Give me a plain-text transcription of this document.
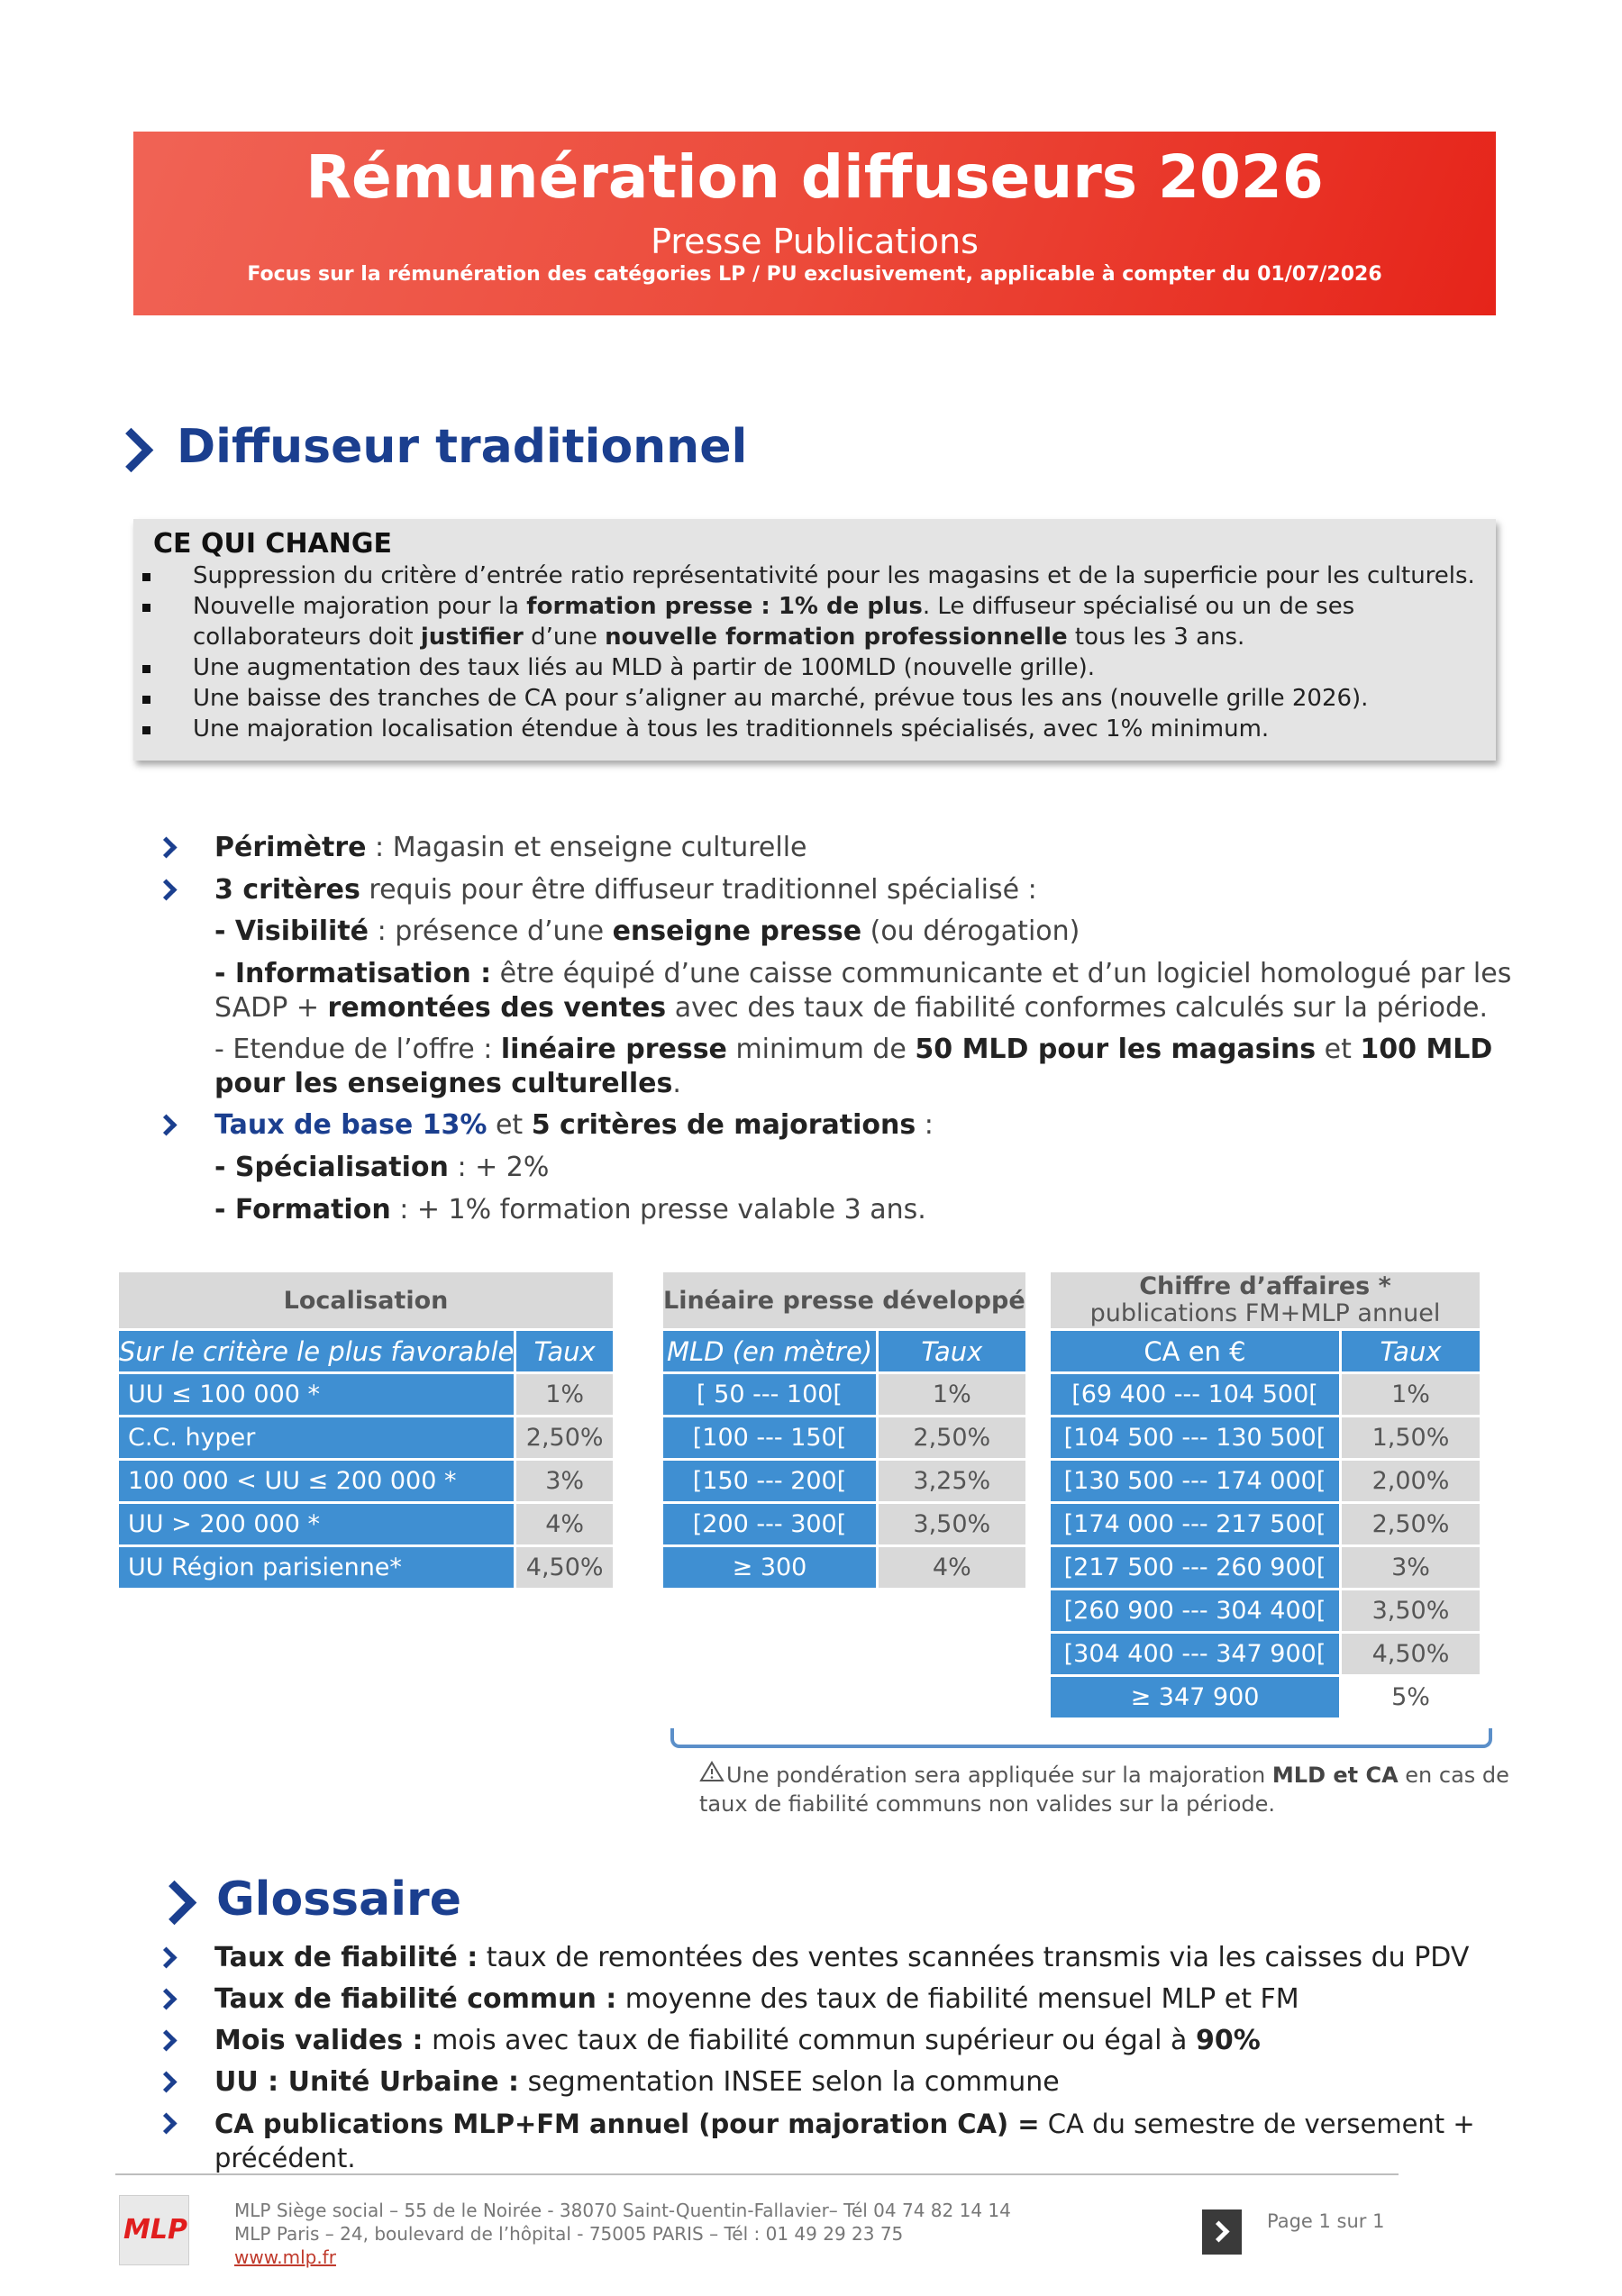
Rémunération diffuseurs 2026
Presse Publications
Focus sur la rémunération des catégories LP / PU exclusivement, applicable à compter du 01/07/2026
Diffuseur traditionnel
CE QUI CHANGE
Suppression du critère d’entrée ratio représentativité pour les magasins et de la superficie pour les culturels.
Nouvelle majoration pour la formation presse : 1% de plus. Le diffuseur spécialisé ou un de ses collaborateurs doit justifier d’une nouvelle formation professionnelle tous les 3 ans.
Une augmentation des taux liés au MLD à partir de 100MLD (nouvelle grille).
Une baisse des tranches de CA pour s’aligner au marché, prévue tous les ans (nouvelle grille 2026).
Une majoration localisation étendue à tous les traditionnels spécialisés, avec 1% minimum.
Périmètre : Magasin et enseigne culturelle
3 critères requis pour être diffuseur traditionnel spécialisé :
- Visibilité : présence d’une enseigne presse (ou dérogation)
- Informatisation : être équipé d’une caisse communicante et d’un logiciel homologué par les SADP + remontées des ventes avec des taux de fiabilité conformes calculés sur la période.
- Etendue de l’offre : linéaire presse minimum de 50 MLD pour les magasins et 100 MLD pour les enseignes culturelles.
Taux de base 13% et 5 critères de majorations :
- Spécialisation : + 2%
- Formation : + 1% formation presse valable 3 ans.
Localisation	
Sur le critère le plus favorable	Taux
UU ≤ 100 000 *	1%
C.C. hyper	2,50%
100 000 < UU ≤ 200 000 *	3%
UU > 200 000 *	4%
UU Région parisienne*	4,50%
Linéaire presse développé	
MLD (en mètre)	Taux
[ 50 --- 100[	1%
[100 --- 150[	2,50%
[150 --- 200[	3,25%
[200 --- 300[	3,50%
≥ 300	4%
Chiffre d’affaires *
publications FM+MLP annuel	

CA en €	Taux
[69 400 --- 104 500[	1%
[104 500 --- 130 500[	1,50%
[130 500 --- 174 000[	2,00%
[174 000 --- 217 500[	2,50%
[217 500 --- 260 900[	3%
[260 900 --- 304 400[	3,50%
[304 400 --- 347 900[	4,50%
≥ 347 900	5%
Une pondération sera appliquée sur la majoration MLD et CA en cas de taux de fiabilité communs non valides sur la période.
Glossaire
Taux de fiabilité : taux de remontées des ventes scannées transmis via les caisses du PDV
Taux de fiabilité commun : moyenne des taux de fiabilité mensuel MLP et FM
Mois valides : mois avec taux de fiabilité commun supérieur ou égal à 90%
UU : Unité Urbaine : segmentation INSEE selon la commune
CA publications MLP+FM annuel (pour majoration CA) = CA du semestre de versement + précédent.
MLP
MLP Siège social – 55 de le Noirée - 38070 Saint-Quentin-Fallavier– Tél 04 74 82 14 14
MLP Paris – 24, boulevard de l’hôpital - 75005 PARIS – Tél : 01 49 29 23 75
www.mlp.fr
Page 1 sur 1
